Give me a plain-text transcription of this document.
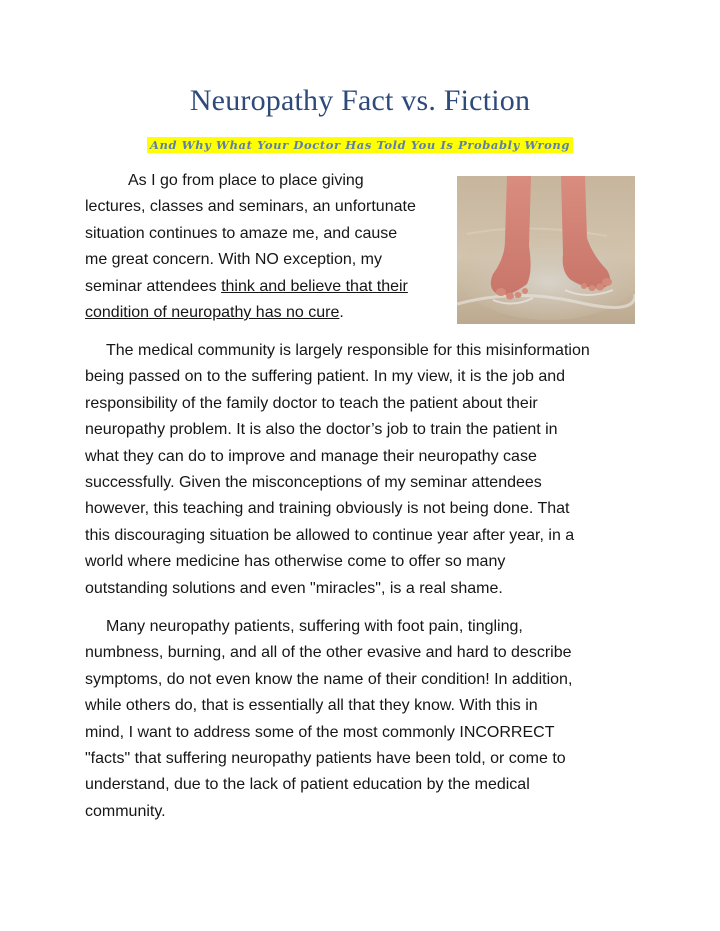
Neuropathy Fact vs. Fiction
And Why What Your Doctor Has Told You Is Probably Wrong
As I go from place to place giving
lectures, classes and seminars, an unfortunate
situation continues to amaze me, and cause
me great concern. With NO exception, my
seminar attendees think and believe that their
condition of neuropathy has no cure.
The medical community is largely responsible for this misinformation
being passed on to the suffering patient. In my view, it is the job and
responsibility of the family doctor to teach the patient about their
neuropathy problem. It is also the doctor’s job to train the patient in
what they can do to improve and manage their neuropathy case
successfully. Given the misconceptions of my seminar attendees
however, this teaching and training obviously is not being done. That
this discouraging situation be allowed to continue year after year, in a
world where medicine has otherwise come to offer so many
outstanding solutions and even "miracles", is a real shame.
Many neuropathy patients, suffering with foot pain, tingling,
numbness, burning, and all of the other evasive and hard to describe
symptoms, do not even know the name of their condition! In addition,
while others do, that is essentially all that they know. With this in
mind, I want to address some of the most commonly INCORRECT
"facts" that suffering neuropathy patients have been told, or come to
understand, due to the lack of patient education by the medical
community.
